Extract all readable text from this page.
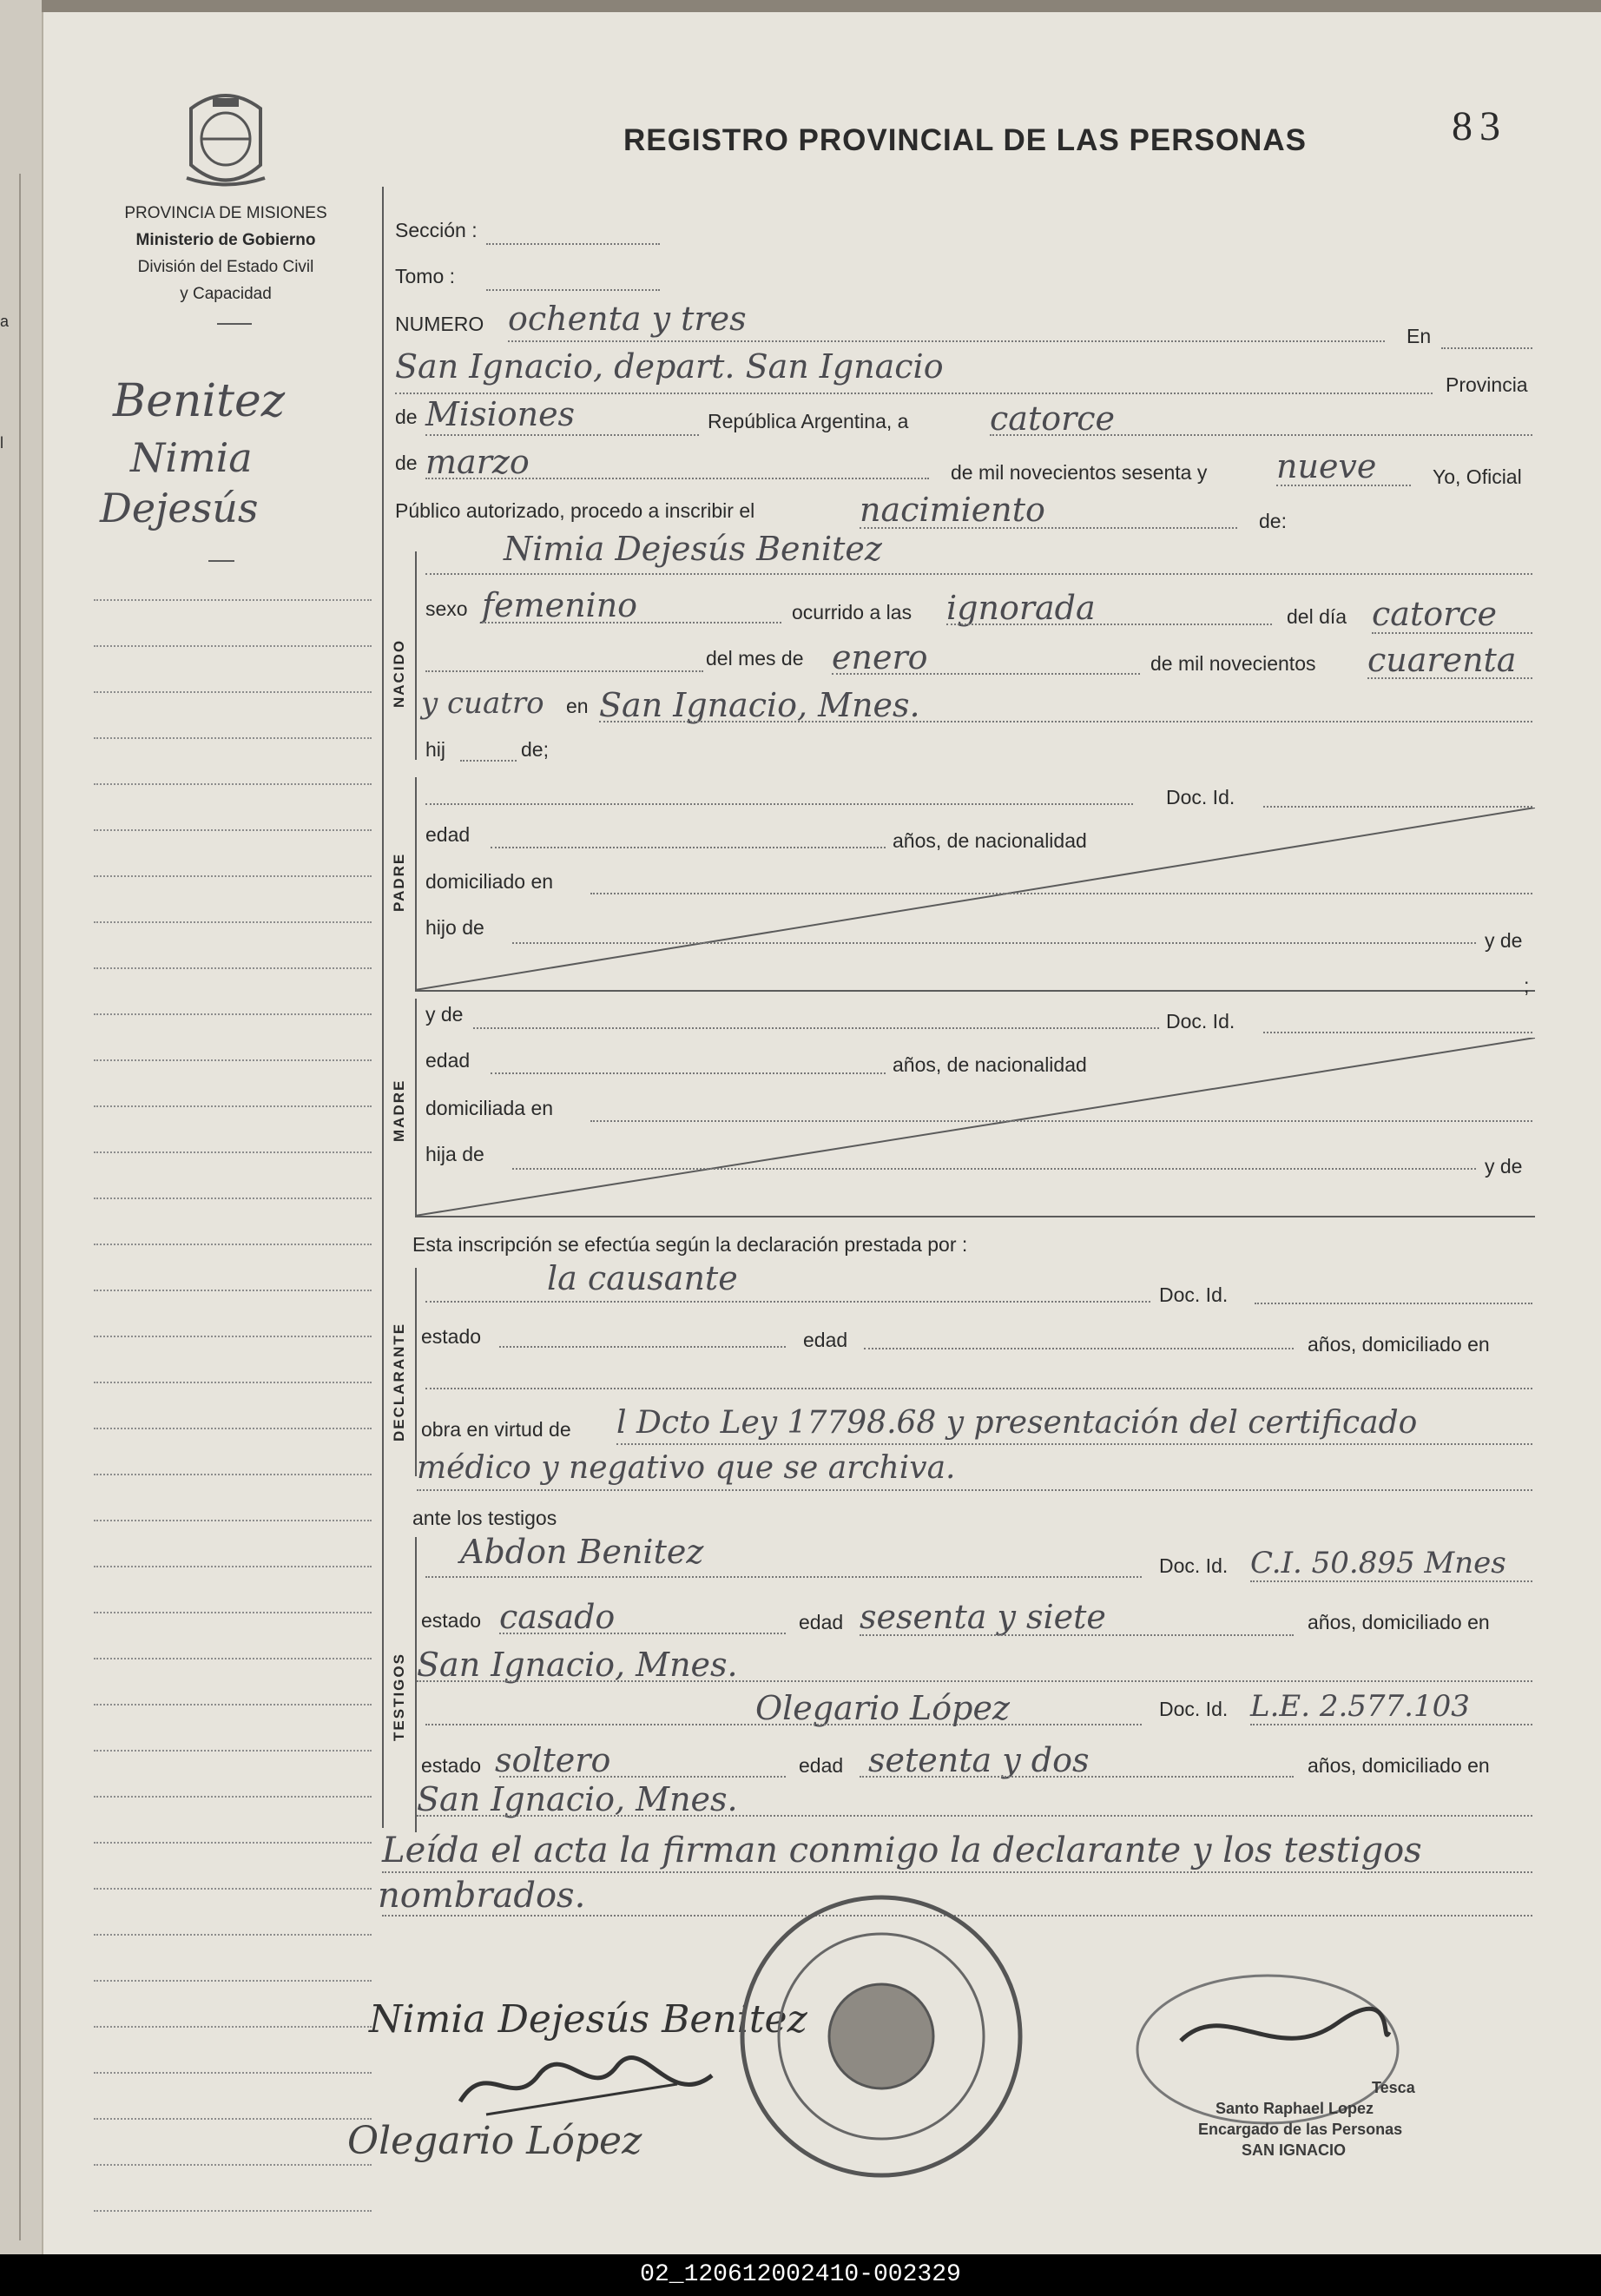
a
l
PROVINCIA DE MISIONES
Ministerio de Gobierno
División del Estado Civil
y Capacidad
REGISTRO PROVINCIAL DE LAS PERSONAS	83
Benitez
Nimia
Dejesús
Sección :
Tomo :
NUMERO ochenta y tres	En
San Ignacio, depart. San Ignacio	Provincia
de Misiones	República Argentina, a catorce
de marzo	de mil novecientos sesenta y nueve	Yo, Oficial
Público autorizado, procedo a inscribir el	nacimiento	de:
NACIDO
Nimia Dejesús Benitez
sexo femenino	ocurrido a las ignorada	del día catorce
del mes de enero	de mil novecientos cuarenta
y cuatro en San Ignacio, Mnes.
hij	de;
PADRE
Doc. Id.
edad	años, de nacionalidad
domiciliado en
hijo de
y de
;
MADRE
y de	Doc. Id.
edad	años, de nacionalidad
domiciliada en
hija de
y de
Esta inscripción se efectúa según la declaración prestada por :
DECLARANTE
la causante	Doc. Id.
estado	edad	años, domiciliado en
obra en virtud de l Dcto Ley 17798.68 y presentación del certificado
médico y negativo que se archiva.
ante los testigos
TESTIGOS
Abdon Benitez	Doc. Id. C.I. 50.895 Mnes
estado casado	edad sesenta y siete	años, domiciliado en
San Ignacio, Mnes.
Olegario López	Doc. Id. L.E. 2.577.103
estado soltero	edad setenta y dos	años, domiciliado en
San Ignacio, Mnes.
Leída el acta la firman conmigo la declarante y los testigos
nombrados.
Nimia Dejesús Benitez
Olegario López
Tesca
Santo Raphael Lopez
Encargado de las Personas
SAN IGNACIO
02_120612002410-002329
